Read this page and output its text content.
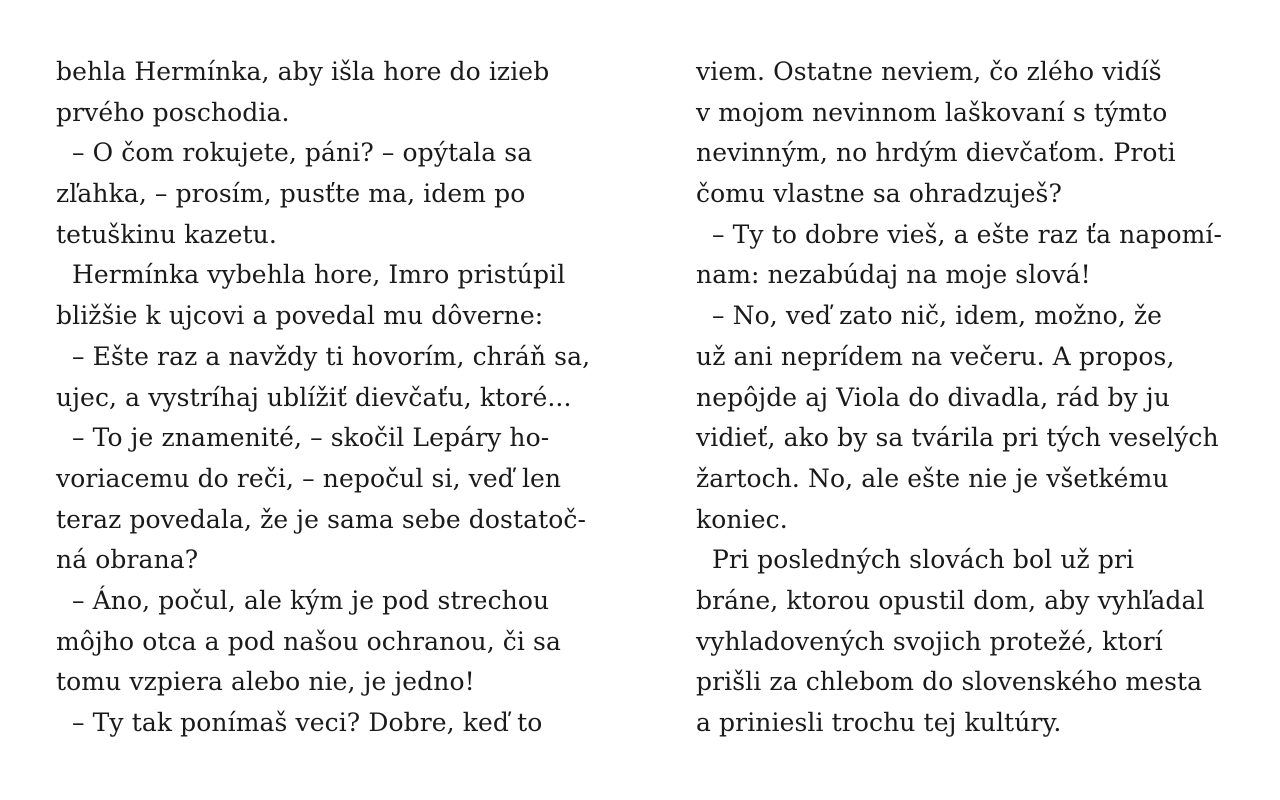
behla Hermínka, aby išla hore do izieb
prvého poschodia.
– O čom rokujete, páni? – opýtala sa
zľahka, – prosím, pusťte ma, idem po
tetuškinu kazetu.
Hermínka vybehla hore, Imro pristúpil
bližšie k ujcovi a povedal mu dôverne:
– Ešte raz a navždy ti hovorím, chráň sa,
ujec, a vystríhaj ublížiť dievčaťu, ktoré...
– To je znamenité, – skočil Lepáry ho-
voriacemu do reči, – nepočul si, veď len
teraz povedala, že je sama sebe dostatoč-
ná obrana?
– Áno, počul, ale kým je pod strechou
môjho otca a pod našou ochranou, či sa
tomu vzpiera alebo nie, je jedno!
– Ty tak ponímaš veci? Dobre, keď to
viem. Ostatne neviem, čo zlého vidíš
v mojom nevinnom laškovaní s týmto
nevinným, no hrdým dievčaťom. Proti
čomu vlastne sa ohradzuješ?
– Ty to dobre vieš, a ešte raz ťa napomí-
nam: nezabúdaj na moje slová!
– No, veď zato nič, idem, možno, že
už ani neprídem na večeru. A propos,
nepôjde aj Viola do divadla, rád by ju
vidieť, ako by sa tvárila pri tých veselých
žartoch. No, ale ešte nie je všetkému
koniec.
Pri posledných slovách bol už pri
bráne, ktorou opustil dom, aby vyhľadal
vyhladovených svojich protežé, ktorí
prišli za chlebom do slovenského mesta
a priniesli trochu tej kultúry.
